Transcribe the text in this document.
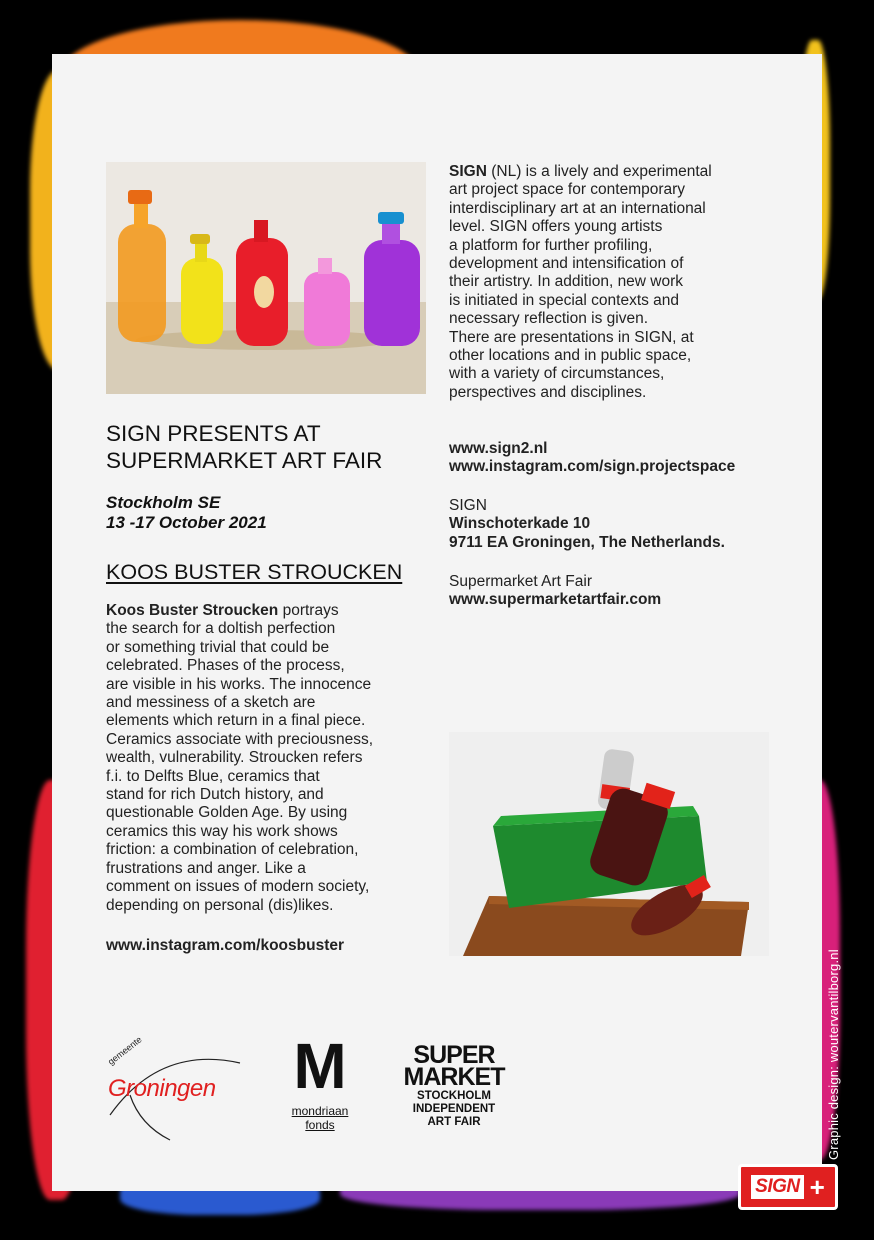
SIGN PRESENTS AT
SUPERMARKET ART FAIR
Stockholm SE
13 -17 October 2021
KOOS BUSTER STROUCKEN
Koos Buster Stroucken portrays
the search for a doltish perfection
or something trivial that could be
celebrated. Phases of the process,
are visible in his works. The innocence
and messiness of a sketch are
elements which return in a final piece.
Ceramics associate with preciousness,
wealth, vulnerability. Stroucken refers
f.i. to Delfts Blue, ceramics that
stand for rich Dutch history, and
questionable Golden Age. By using
ceramics this way his work shows
friction: a combination of celebration,
frustrations and anger. Like a
comment on issues of modern society,
depending on personal (dis)likes.
www.instagram.com/koosbuster
SIGN (NL) is a lively and experimental
art project space for contemporary
interdisciplinary art at an international
level. SIGN offers young artists
a platform for further profiling,
development and intensification of
their artistry. In addition, new work
is initiated in special contexts and
necessary reflection is given.
There are presentations in SIGN, at
other locations and in public space,
with a variety of circumstances,
perspectives and disciplines.
www.sign2.nl
www.instagram.com/sign.projectspace
SIGN
Winschoterkade 10
9711 EA Groningen, The Netherlands.
Supermarket Art Fair
www.supermarketartfair.com
gemeente
Groningen M
mondriaan
fonds
SUPER
MARKET
STOCKHOLM
INDEPENDENT
ART FAIR
SIGN +
Graphic design: woutervantilborg.nl
